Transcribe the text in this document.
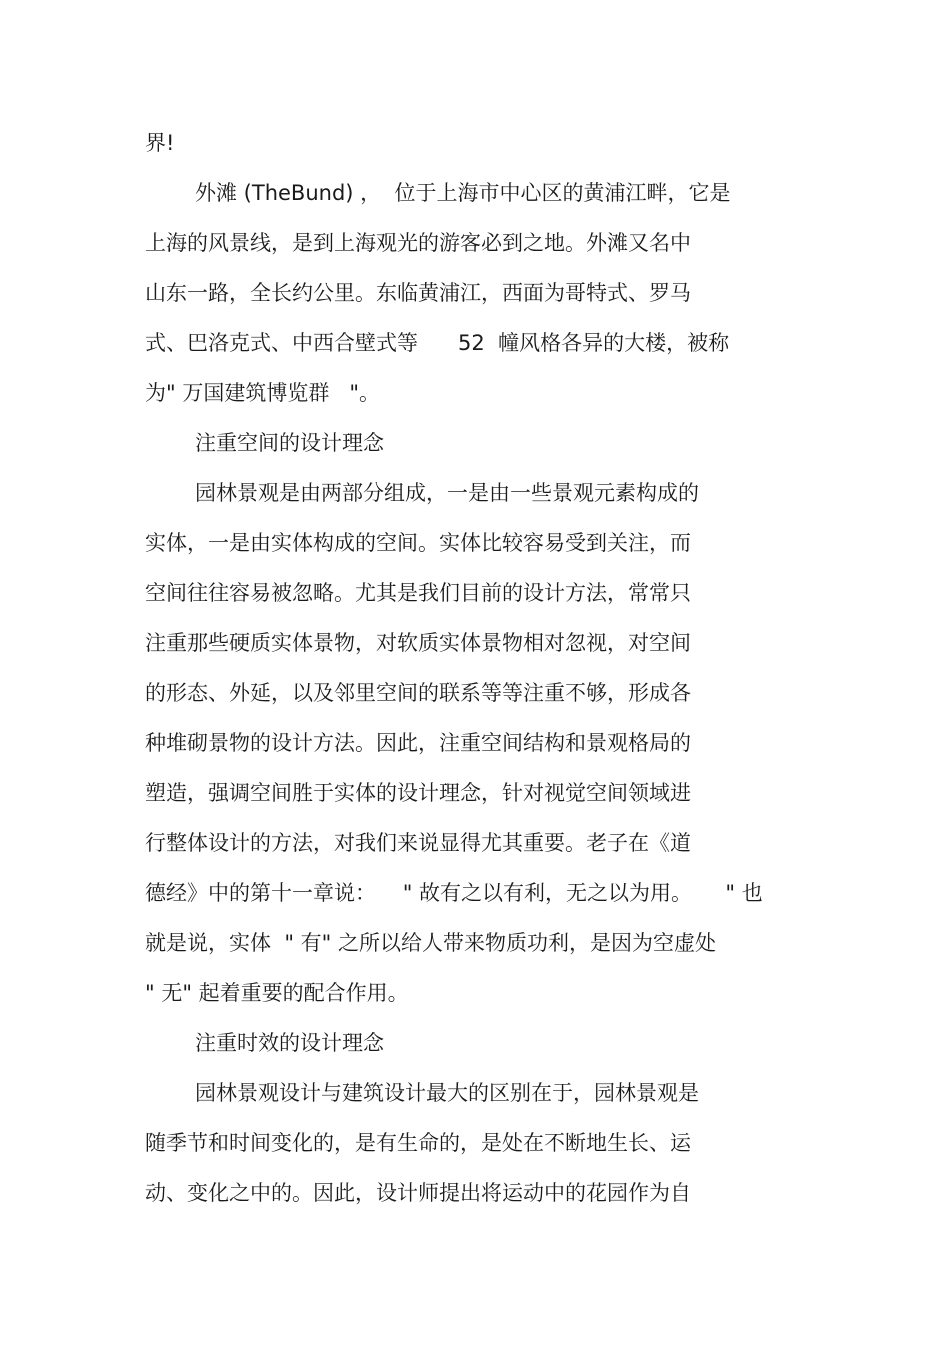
界!
外滩 (TheBund) ，  位于上海市中心区的黄浦江畔，它是
上海的风景线，是到上海观光的游客必到之地。外滩又名中
山东一路，全长约公里。东临黄浦江，西面为哥特式、罗马
式、巴洛克式、中西合壁式等      52  幢风格各异的大楼，被称
为" 万国建筑博览群   "。
注重空间的设计理念
园林景观是由两部分组成，一是由一些景观元素构成的
实体，一是由实体构成的空间。实体比较容易受到关注，而
空间往往容易被忽略。尤其是我们目前的设计方法，常常只
注重那些硬质实体景物，对软质实体景物相对忽视，对空间
的形态、外延，以及邻里空间的联系等等注重不够，形成各
种堆砌景物的设计方法。因此，注重空间结构和景观格局的
塑造，强调空间胜于实体的设计理念，针对视觉空间领域进
行整体设计的方法，对我们来说显得尤其重要。老子在《道
德经》中的第十一章说：    " 故有之以有利，无之以为用。     " 也
就是说，实体  " 有" 之所以给人带来物质功利，是因为空虚处
" 无" 起着重要的配合作用。
注重时效的设计理念
园林景观设计与建筑设计最大的区别在于，园林景观是
随季节和时间变化的，是有生命的，是处在不断地生长、运
动、变化之中的。因此，设计师提出将运动中的花园作为自
